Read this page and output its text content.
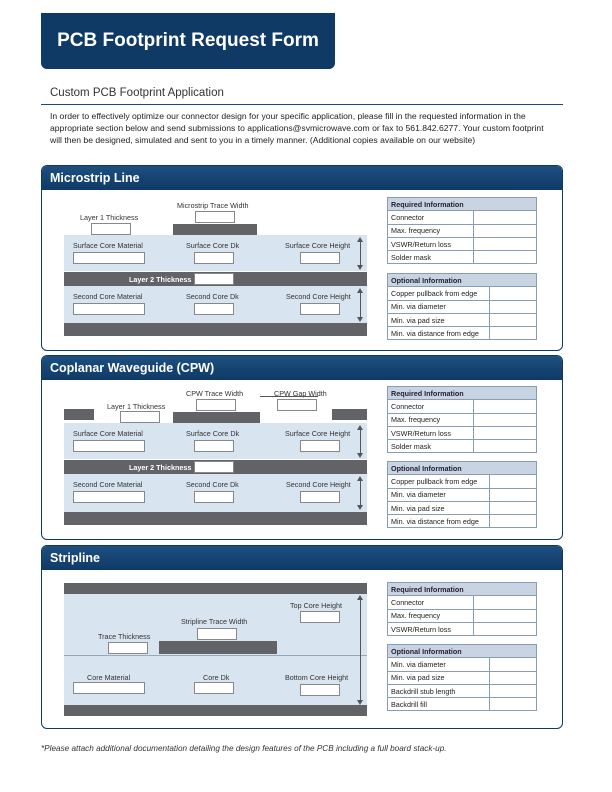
PCB Footprint Request Form
Custom PCB Footprint Application
In order to effectively optimize our connector design for your specific application, please fill in the requested information in the appropriate section below and send submissions to applications@svmicrowave.com or fax to 561.842.6277. Your custom footprint will then be designed, simulated and sent to you in a timely manner. (Additional copies available on our website)
Microstrip Line
Microstrip Trace Width
Layer 1 Thickness
Surface Core Material	Surface Core Dk	Surface Core Height
Layer 2 Thickness
Second Core Material	Second Core Dk	Second Core Height
Required Information	
Connector	
Max. frequency	
VSWR/Return loss	
Solder mask	
Optional Information	
Copper pullback from edge	
Min. via diameter	
Min. via pad size	
Min. via distance from edge	
Coplanar Waveguide (CPW)
CPW Trace Width	CPW Gap Width
Layer 1 Thickness
Surface Core Material	Surface Core Dk	Surface Core Height
Layer 2 Thickness
Second Core Material	Second Core Dk	Second Core Height
Required Information	
Connector	
Max. frequency	
VSWR/Return loss	
Solder mask	
Optional Information	
Copper pullback from edge	
Min. via diameter	
Min. via pad size	
Min. via distance from edge	
Stripline
Top Core Height
Stripline Trace Width
Trace Thickness
Core Material	Core Dk	Bottom Core Height
Required Information	
Connector	
Max. frequency	
VSWR/Return loss	
Optional Information	
Min. via diameter	
Min. via pad size	
Backdrill stub length	
Backdrill fill	
*Please attach additional documentation detailing the design features of the PCB including a full board stack-up.
